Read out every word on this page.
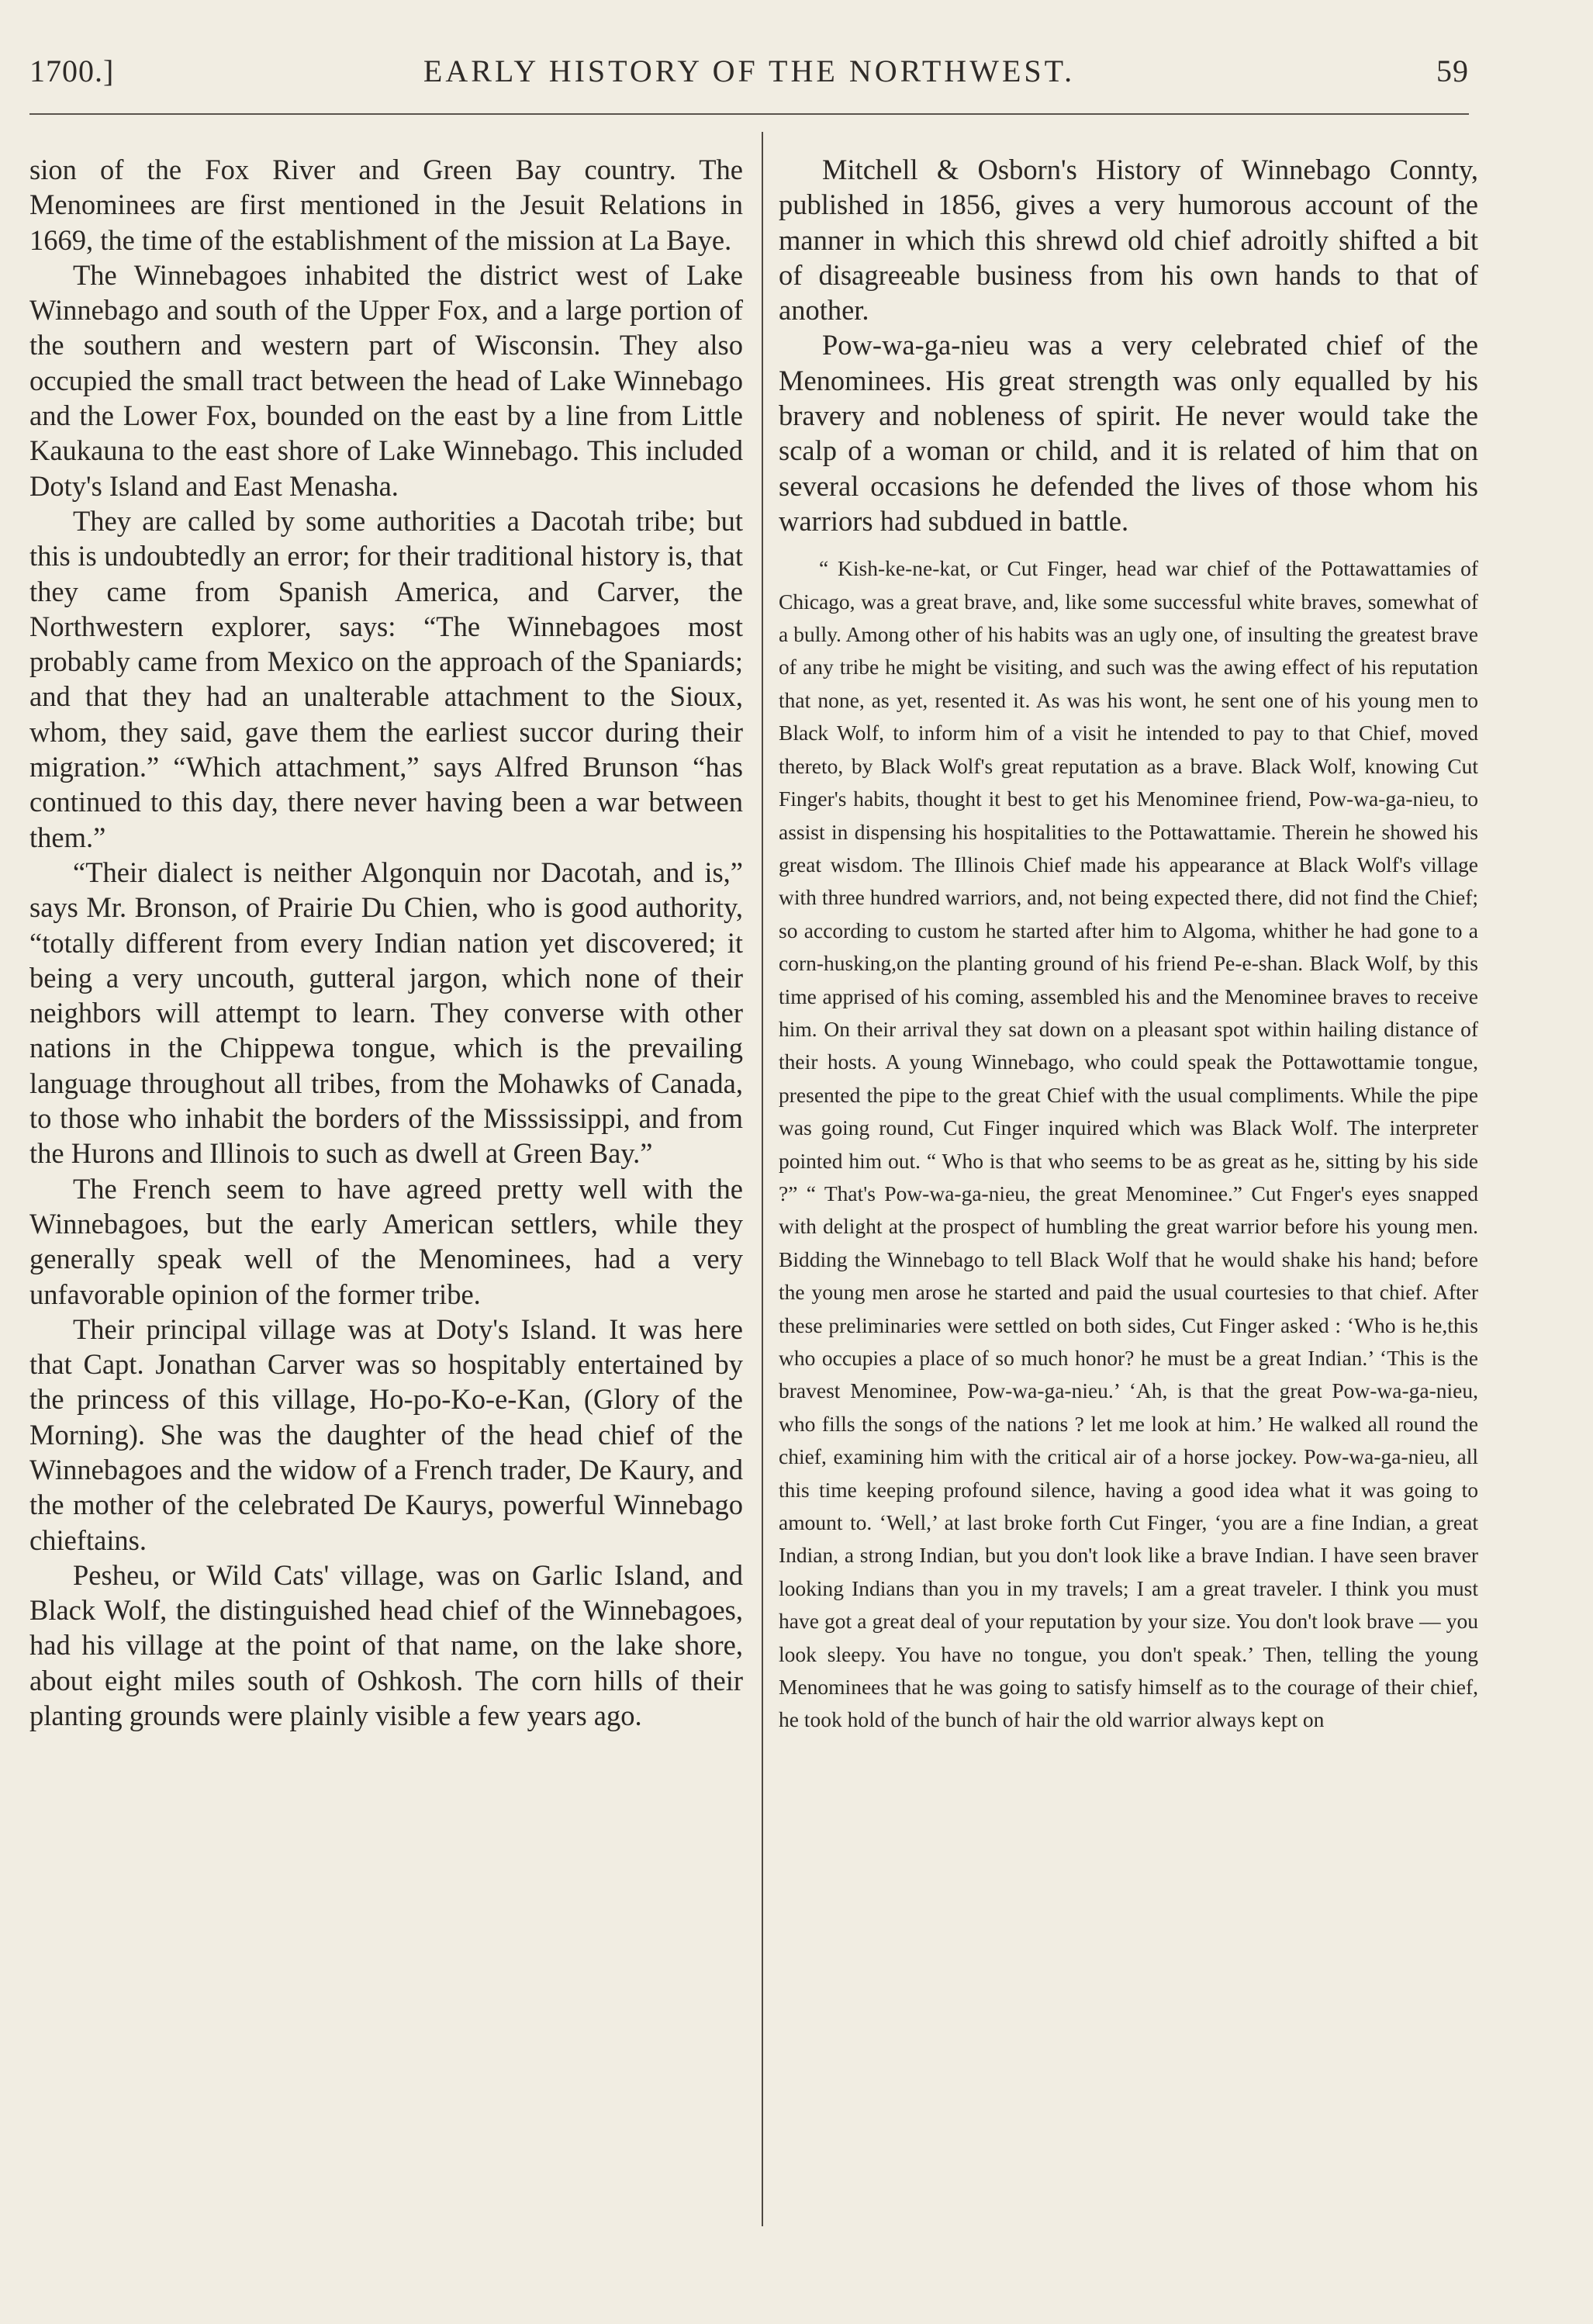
1700.]	EARLY HISTORY OF THE NORTHWEST.	59

sion of the Fox River and Green Bay country. The Menominees are first mentioned in the Jesuit Relations in 1669, the time of the establishment of the mission at La Baye.

The Winnebagoes inhabited the district west of Lake Winnebago and south of the Upper Fox, and a large portion of the southern and western part of Wisconsin. They also occupied the small tract between the head of Lake Winnebago and the Lower Fox, bounded on the east by a line from Little Kaukauna to the east shore of Lake Winnebago. This included Doty's Island and East Menasha.

They are called by some authorities a Dacotah tribe; but this is undoubtedly an error; for their traditional history is, that they came from Spanish America, and Carver, the Northwestern explorer, says: “The Winnebagoes most probably came from Mexico on the approach of the Spaniards; and that they had an unalterable attachment to the Sioux, whom, they said, gave them the earliest succor during their migration.” “Which attachment,” says Alfred Brunson “has continued to this day, there never having been a war between them.”

“Their dialect is neither Algonquin nor Dacotah, and is,” says Mr. Bronson, of Prairie Du Chien, who is good authority, “totally different from every Indian nation yet discovered; it being a very uncouth, gutteral jargon, which none of their neighbors will attempt to learn. They converse with other nations in the Chippewa tongue, which is the prevailing language throughout all tribes, from the Mohawks of Canada, to those who inhabit the borders of the Misssissippi, and from the Hurons and Illinois to such as dwell at Green Bay.”

The French seem to have agreed pretty well with the Winnebagoes, but the early American settlers, while they generally speak well of the Menominees, had a very unfavorable opinion of the former tribe.

Their principal village was at Doty's Island. It was here that Capt. Jonathan Carver was so hospitably entertained by the princess of this village, Ho-po-Ko-e-Kan, (Glory of the Morning). She was the daughter of the head chief of the Winnebagoes and the widow of a French trader, De Kaury, and the mother of the celebrated De Kaurys, powerful Winnebago chieftains.

Pesheu, or Wild Cats' village, was on Garlic Island, and Black Wolf, the distinguished head chief of the Winnebagoes, had his village at the point of that name, on the lake shore, about eight miles south of Oshkosh. The corn hills of their planting grounds were plainly visible a few years ago.

Mitchell & Osborn's History of Winnebago Connty, published in 1856, gives a very humorous account of the manner in which this shrewd old chief adroitly shifted a bit of disagreeable business from his own hands to that of another.

Pow-wa-ga-nieu was a very celebrated chief of the Menominees. His great strength was only equalled by his bravery and nobleness of spirit. He never would take the scalp of a woman or child, and it is related of him that on several occasions he defended the lives of those whom his warriors had subdued in battle.

“ Kish-ke-ne-kat, or Cut Finger, head war chief of the Pottawattamies of Chicago, was a great brave, and, like some successful white braves, somewhat of a bully. Among other of his habits was an ugly one, of insulting the greatest brave of any tribe he might be visiting, and such was the awing effect of his reputation that none, as yet, resented it. As was his wont, he sent one of his young men to Black Wolf, to inform him of a visit he intended to pay to that Chief, moved thereto, by Black Wolf's great reputation as a brave. Black Wolf, knowing Cut Finger's habits, thought it best to get his Menominee friend, Pow-wa-ga-nieu, to assist in dispensing his hospitalities to the Pottawattamie. Therein he showed his great wisdom. The Illinois Chief made his appearance at Black Wolf's village with three hundred warriors, and, not being expected there, did not find the Chief; so according to custom he started after him to Algoma, whither he had gone to a corn-husking,on the planting ground of his friend Pe-e-shan. Black Wolf, by this time apprised of his coming, assembled his and the Menominee braves to receive him. On their arrival they sat down on a pleasant spot within hailing distance of their hosts. A young Winnebago, who could speak the Pottawottamie tongue, presented the pipe to the great Chief with the usual compliments. While the pipe was going round, Cut Finger inquired which was Black Wolf. The interpreter pointed him out. “ Who is that who seems to be as great as he, sitting by his side ?” “ That's Pow-wa-ga-nieu, the great Menominee.” Cut Fnger's eyes snapped with delight at the prospect of humbling the great warrior before his young men. Bidding the Winnebago to tell Black Wolf that he would shake his hand; before the young men arose he started and paid the usual courtesies to that chief. After these preliminaries were settled on both sides, Cut Finger asked : ‘Who is he,this who occupies a place of so much honor? he must be a great Indian.’ ‘This is the bravest Menominee, Pow-wa-ga-nieu.’ ‘Ah, is that the great Pow-wa-ga-nieu, who fills the songs of the nations ? let me look at him.’ He walked all round the chief, examining him with the critical air of a horse jockey. Pow-wa-ga-nieu, all this time keeping profound silence, having a good idea what it was going to amount to. ‘Well,’ at last broke forth Cut Finger, ‘you are a fine Indian, a great Indian, a strong Indian, but you don't look like a brave Indian. I have seen braver looking Indians than you in my travels; I am a great traveler. I think you must have got a great deal of your reputation by your size. You don't look brave — you look sleepy. You have no tongue, you don't speak.’ Then, telling the young Menominees that he was going to satisfy himself as to the courage of their chief, he took hold of the bunch of hair the old warrior always kept on
